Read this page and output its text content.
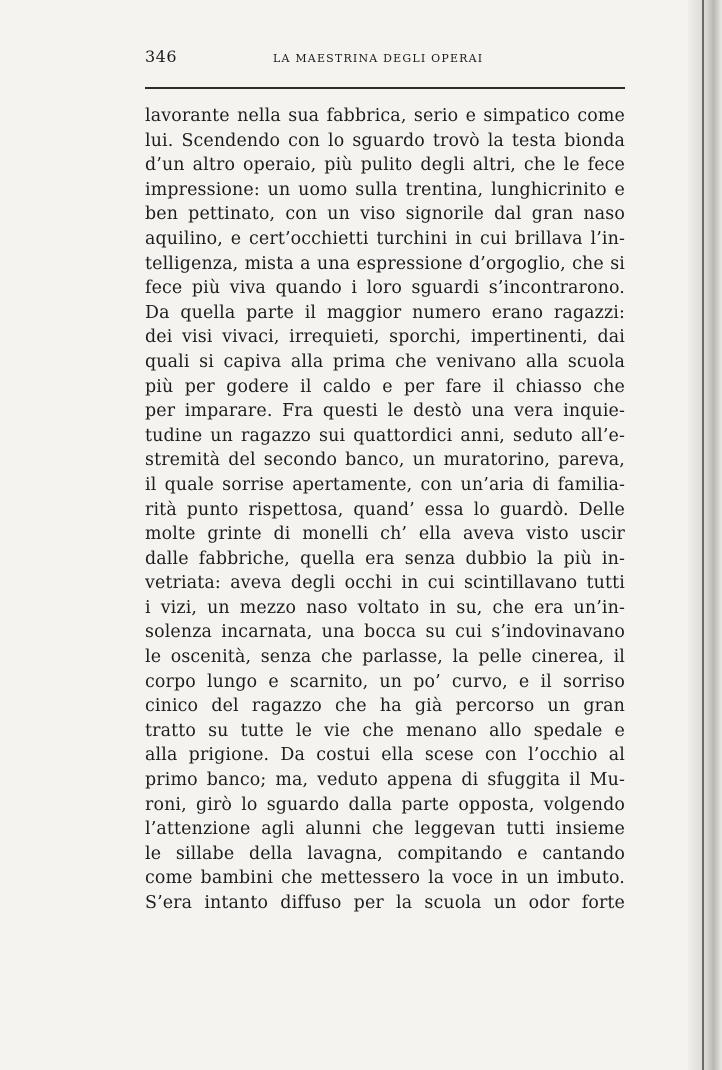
346	LA MAESTRINA DEGLI OPERAI
lavorante nella sua fabbrica, serio e simpatico come
lui. Scendendo con lo sguardo trovò la testa bionda
d’un altro operaio, più pulito degli altri, che le fece
impressione: un uomo sulla trentina, lunghicrinito e
ben pettinato, con un viso signorile dal gran naso
aquilino, e cert’occhietti turchini in cui brillava l’in-
telligenza, mista a una espressione d’orgoglio, che si
fece più viva quando i loro sguardi s’incontrarono.
Da quella parte il maggior numero erano ragazzi:
dei visi vivaci, irrequieti, sporchi, impertinenti, dai
quali si capiva alla prima che venivano alla scuola
più per godere il caldo e per fare il chiasso che
per imparare. Fra questi le destò una vera inquie-
tudine un ragazzo sui quattordici anni, seduto all’e-
stremità del secondo banco, un muratorino, pareva,
il quale sorrise apertamente, con un’aria di familia-
rità punto rispettosa, quand’ essa lo guardò. Delle
molte grinte di monelli ch’ ella aveva visto uscir
dalle fabbriche, quella era senza dubbio la più in-
vetriata: aveva degli occhi in cui scintillavano tutti
i vizi, un mezzo naso voltato in su, che era un’in-
solenza incarnata, una bocca su cui s’indovinavano
le oscenità, senza che parlasse, la pelle cinerea, il
corpo lungo e scarnito, un po’ curvo, e il sorriso
cinico del ragazzo che ha già percorso un gran
tratto su tutte le vie che menano allo spedale e
alla prigione. Da costui ella scese con l’occhio al
primo banco; ma, veduto appena di sfuggita il Mu-
roni, girò lo sguardo dalla parte opposta, volgendo
l’attenzione agli alunni che leggevan tutti insieme
le sillabe della lavagna, compitando e cantando
come bambini che mettessero la voce in un imbuto.
S’era intanto diffuso per la scuola un odor forte
